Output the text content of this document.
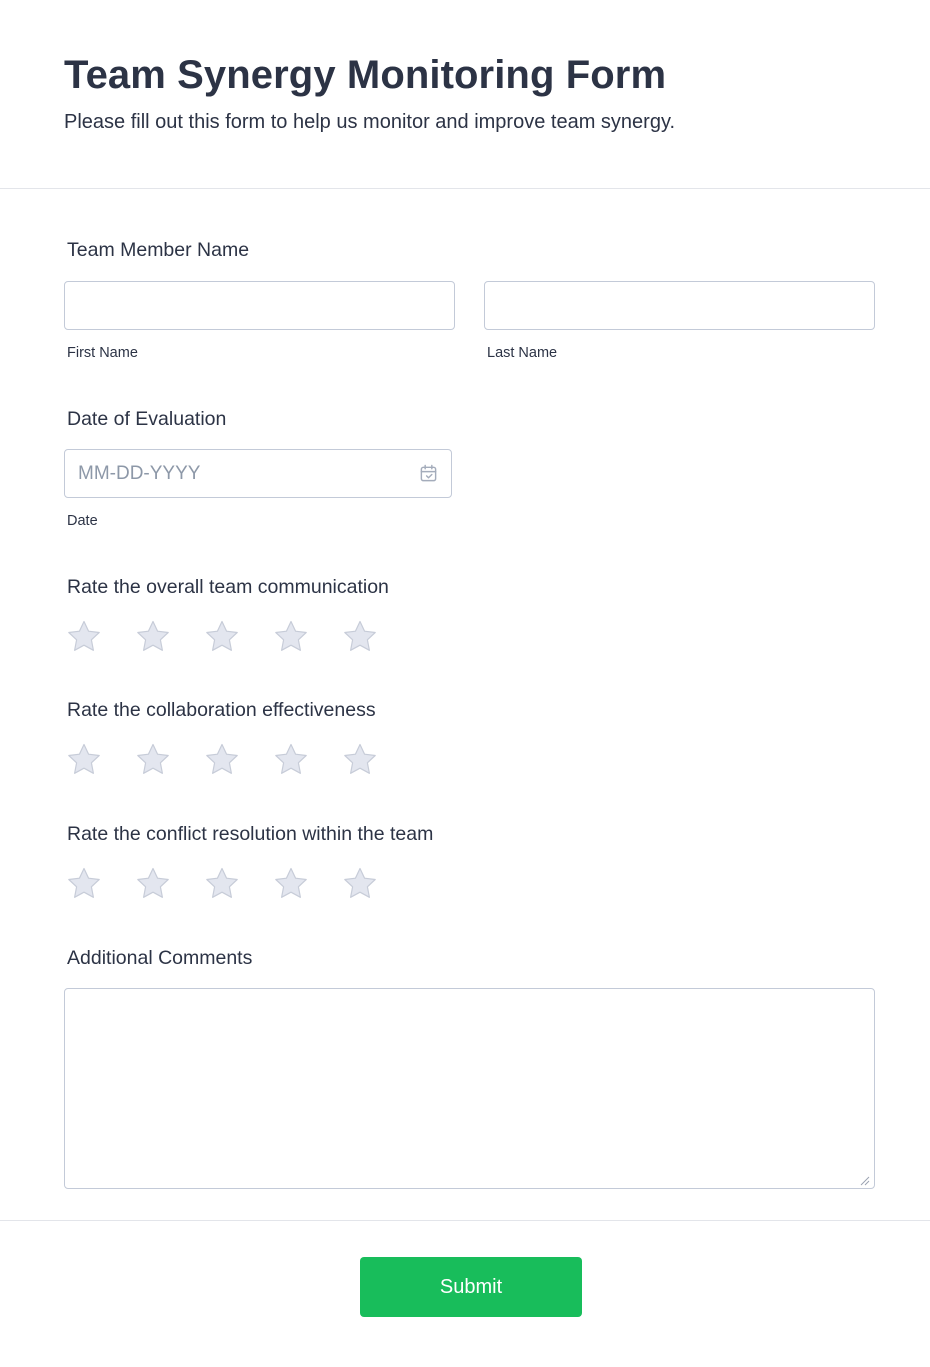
Team Synergy Monitoring Form
Please fill out this form to help us monitor and improve team synergy.
Team Member Name
First Name	Last Name
Date of Evaluation
MM-DD-YYYY
Date
Rate the overall team communication
Rate the collaboration effectiveness
Rate the conflict resolution within the team
Additional Comments
Submit
